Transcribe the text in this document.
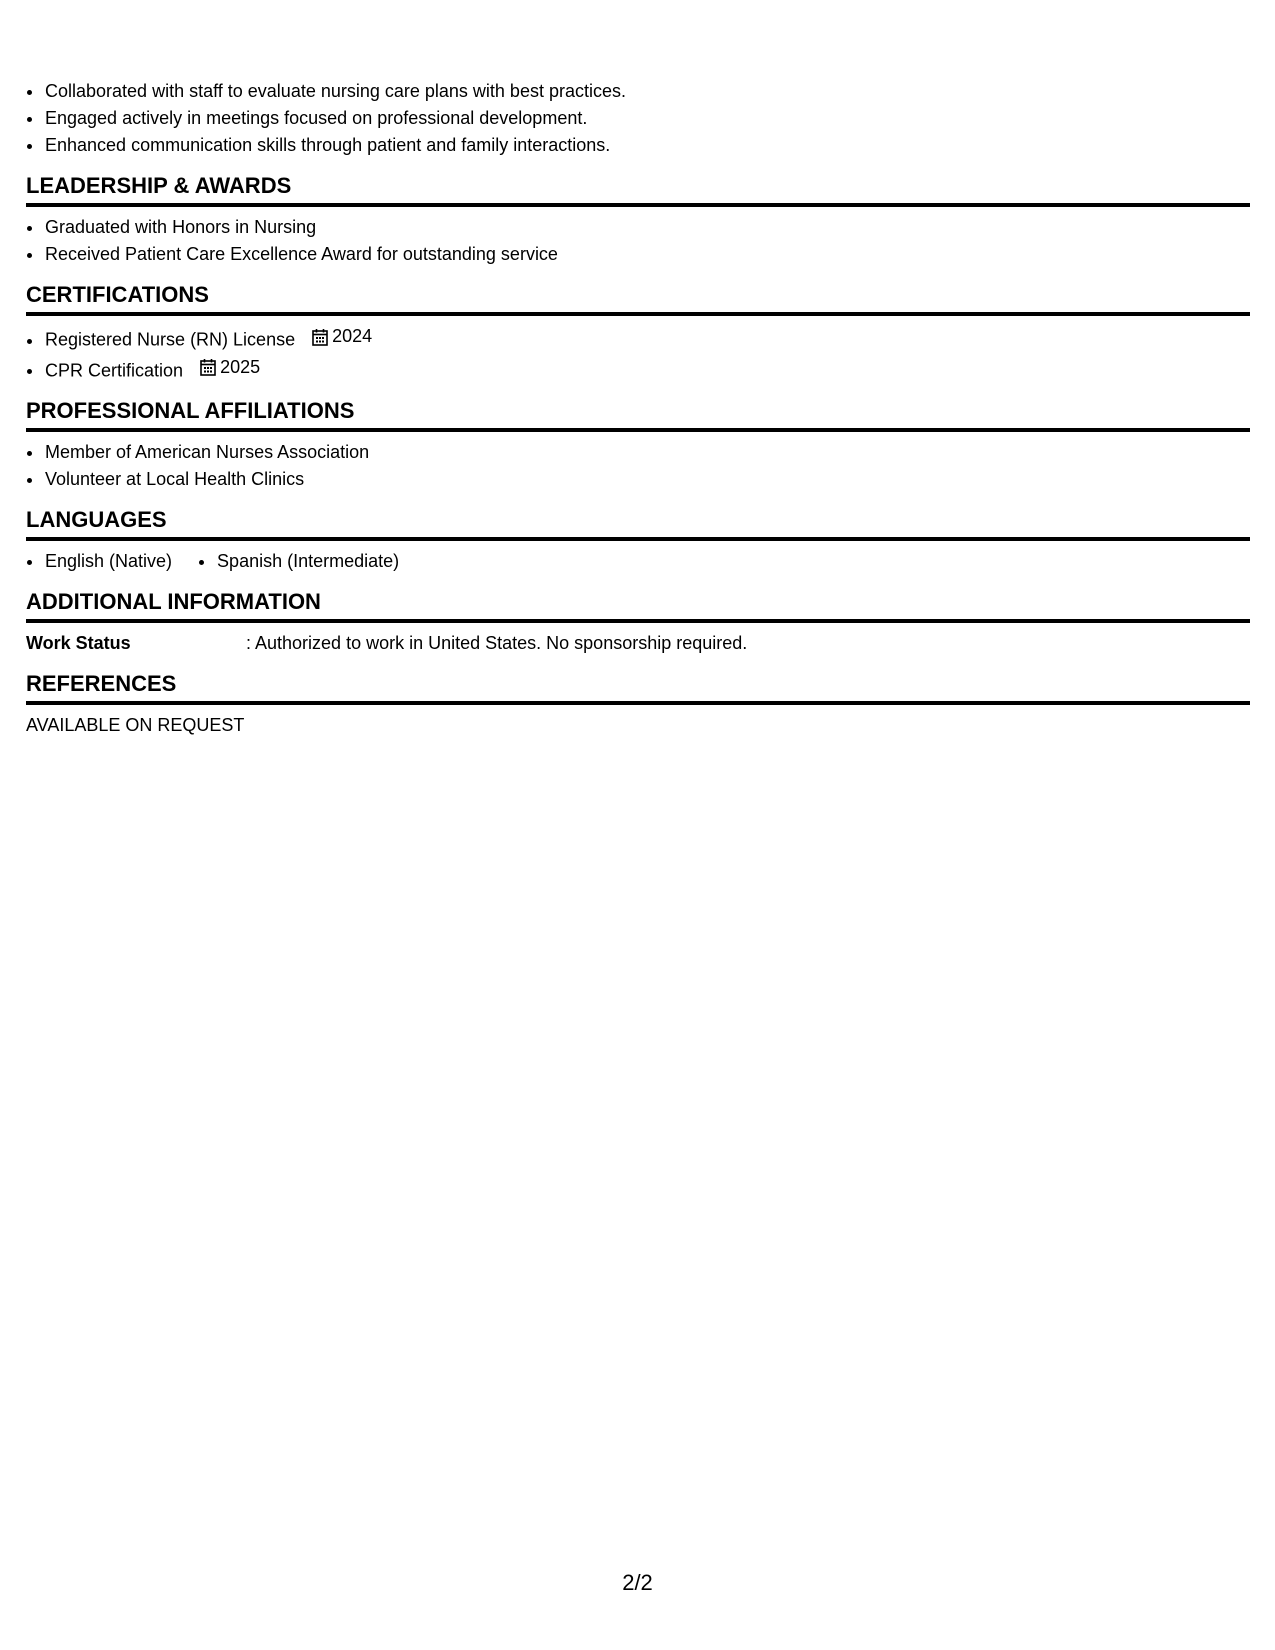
• Collaborated with staff to evaluate nursing care plans with best practices.
• Engaged actively in meetings focused on professional development.
• Enhanced communication skills through patient and family interactions.
LEADERSHIP & AWARDS
• Graduated with Honors in Nursing
• Received Patient Care Excellence Award for outstanding service
CERTIFICATIONS
• Registered Nurse (RN) License 2024
• CPR Certification 2025
PROFESSIONAL AFFILIATIONS
• Member of American Nurses Association
• Volunteer at Local Health Clinics
LANGUAGES
• English (Native)
•	Spanish (Intermediate)
ADDITIONAL INFORMATION
Work Status	: Authorized to work in United States. No sponsorship required.
REFERENCES
AVAILABLE ON REQUEST
2/2
